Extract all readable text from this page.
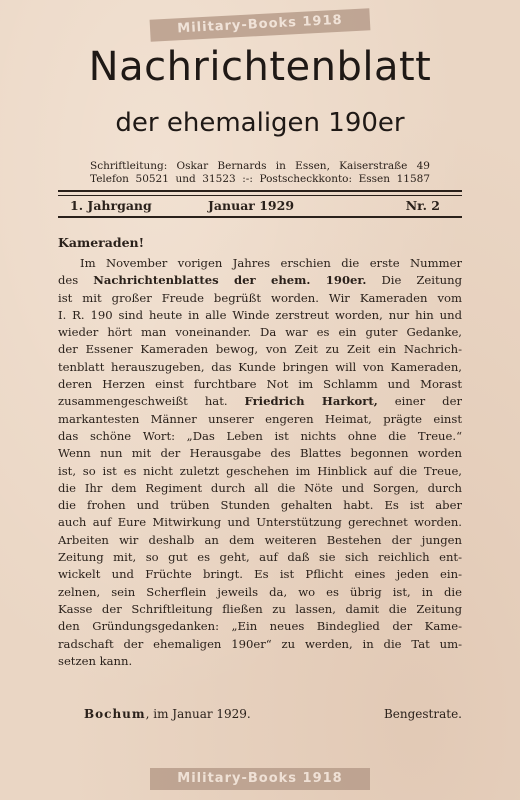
Military-Books 1918
Nachrichtenblatt
der ehemaligen 190er
Schriftleitung: Oskar Bernards in Essen, Kaiserstraße 49
Telefon 50521 und 31523 :-: Postscheckkonto: Essen 11587
1. Jahrgang	Januar 1929	Nr. 2
Kameraden!
Im November vorigen Jahres erschien die erste Nummer
des Nachrichtenblattes der ehem. 190er. Die Zeitung
ist mit großer Freude begrüßt worden. Wir Kameraden vom
I. R. 190 sind heute in alle Winde zerstreut worden, nur hin und
wieder hört man voneinander. Da war es ein guter Gedanke,
der Essener Kameraden bewog, von Zeit zu Zeit ein Nachrich-
tenblatt herauszugeben, das Kunde bringen will von Kameraden,
deren Herzen einst furchtbare Not im Schlamm und Morast
zusammengeschweißt hat. Friedrich Harkort, einer der
markantesten Männer unserer engeren Heimat, prägte einst
das schöne Wort: „Das Leben ist nichts ohne die Treue.“
Wenn nun mit der Herausgabe des Blattes begonnen worden
ist, so ist es nicht zuletzt geschehen im Hinblick auf die Treue,
die Ihr dem Regiment durch all die Nöte und Sorgen, durch
die frohen und trüben Stunden gehalten habt. Es ist aber
auch auf Eure Mitwirkung und Unterstützung gerechnet worden.
Arbeiten wir deshalb an dem weiteren Bestehen der jungen
Zeitung mit, so gut es geht, auf daß sie sich reichlich ent-
wickelt und Früchte bringt. Es ist Pflicht eines jeden ein-
zelnen, sein Scherflein jeweils da, wo es übrig ist, in die
Kasse der Schriftleitung fließen zu lassen, damit die Zeitung
den Gründungsgedanken: „Ein neues Bindeglied der Kame-
radschaft der ehemaligen 190er“ zu werden, in die Tat um-
setzen kann.
Bochum, im Januar 1929.	Bengestrate.
Military-Books 1918
